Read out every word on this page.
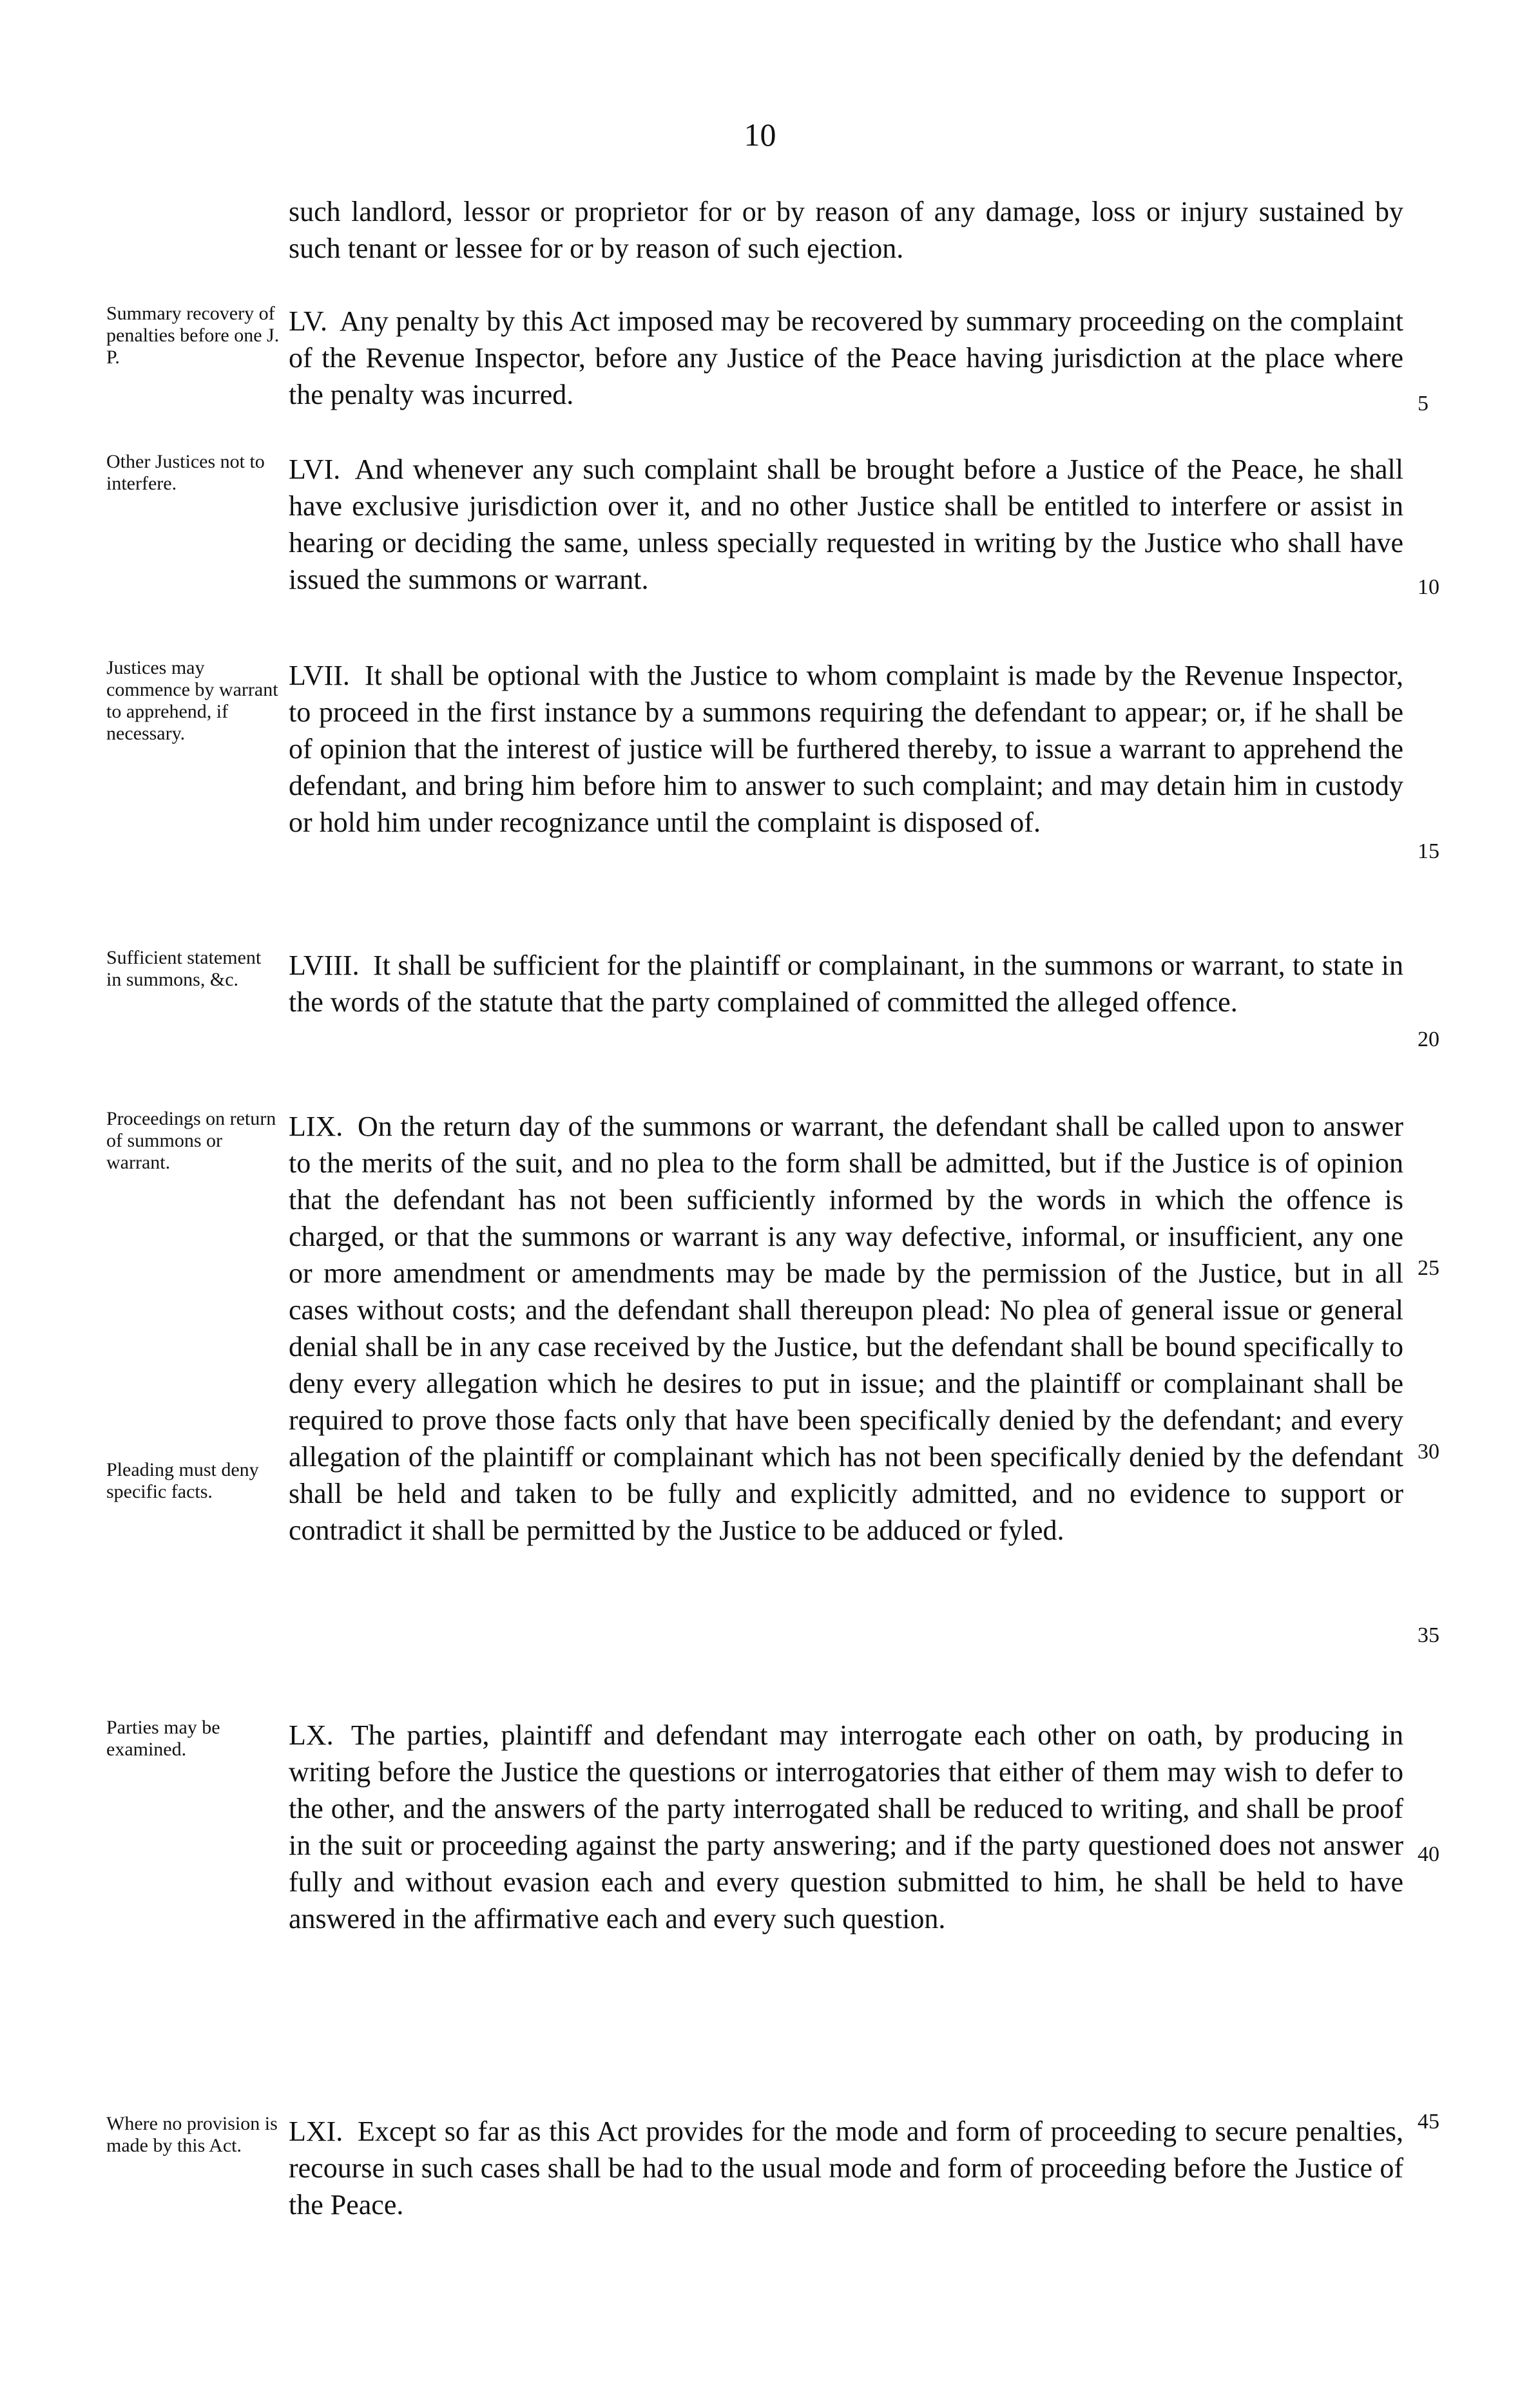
10
such landlord, lessor or proprietor for or by reason of any damage, loss or injury sustained by such tenant or lessee for or by reason of such ejection.
Summary recovery of penalties before one J. P.
LV. Any penalty by this Act imposed may be recovered by summary proceeding on the complaint of the Revenue Inspector, before any Justice of the Peace having jurisdiction at the place where the penalty was incurred.
Other Justices not to interfere.	LVI. And whenever any such complaint shall be brought before a Justice of the Peace, he shall have exclusive jurisdiction over it, and no other Justice shall be entitled to interfere or assist in hearing or deciding the same, unless specially requested in writing by the Justice who shall have issued the summons or warrant.
Justices may commence by warrant to apprehend, if necessary.
LVII. It shall be optional with the Justice to whom complaint is made by the Revenue Inspector, to proceed in the first instance by a summons requiring the defendant to appear; or, if he shall be of opinion that the interest of justice will be furthered thereby, to issue a warrant to apprehend the defendant, and bring him before him to answer to such complaint; and may detain him in custody or hold him under recognizance until the complaint is disposed of.
Sufficient statement in summons, &c.	LVIII. It shall be sufficient for the plaintiff or complainant, in the summons or warrant, to state in the words of the statute that the party complained of committed the alleged offence.
Proceedings on return of summons or warrant.
Pleading must deny specific facts.
LIX. On the return day of the summons or warrant, the defendant shall be called upon to answer to the merits of the suit, and no plea to the form shall be admitted, but if the Justice is of opinion that the defendant has not been sufficiently informed by the words in which the offence is charged, or that the summons or warrant is any way defective, informal, or insufficient, any one or more amendment or amendments may be made by the permission of the Justice, but in all cases without costs; and the defendant shall thereupon plead: No plea of general issue or general denial shall be in any case received by the Justice, but the defendant shall be bound specifically to deny every allegation which he desires to put in issue; and the plaintiff or complainant shall be required to prove those facts only that have been specifically denied by the defendant; and every allegation of the plaintiff or complainant which has not been specifically denied by the defendant shall be held and taken to be fully and explicitly admitted, and no evidence to support or contradict it shall be permitted by the Justice to be adduced or fyled.
Parties may be examined.	LX. The parties, plaintiff and defendant may interrogate each other on oath, by producing in writing before the Justice the questions or interrogatories that either of them may wish to defer to the other, and the answers of the party interrogated shall be reduced to writing, and shall be proof in the suit or proceeding against the party answering; and if the party questioned does not answer fully and without evasion each and every question submitted to him, he shall be held to have answered in the affirmative each and every such question.
Where no provision is made by this Act.	LXI. Except so far as this Act provides for the mode and form of proceeding to secure penalties, recourse in such cases shall be had to the usual mode and form of proceeding before the Justice of the Peace.
5
10
15
20
25
30
35
40
45
